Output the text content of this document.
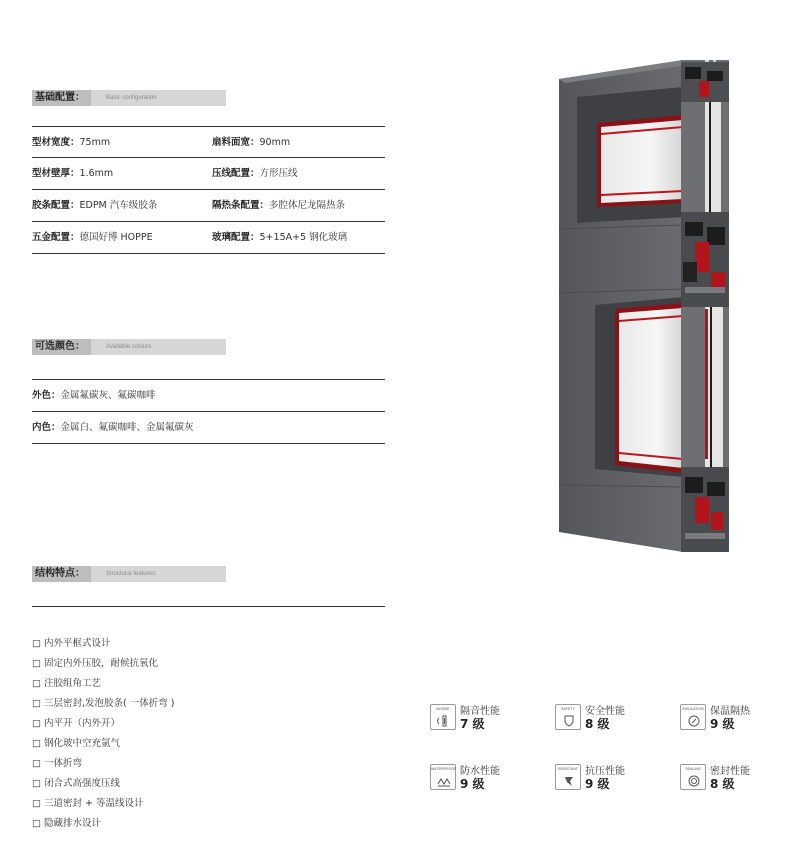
基础配置：	Basic configuration
型材宽度：75mm	扇料面宽：90mm
型材壁厚：1.6mm	压线配置：方形压线
胶条配置：EDPM 汽车级胶条	隔热条配置：多腔体尼龙隔热条
五金配置：德国好博 HOPPE	玻璃配置：5+15A+5 钢化玻璃
可选颜色：	Available colours
外色：金属氟碳灰、氟碳咖啡
内色：金属白、氟碳咖啡、金属氟碳灰
结构特点：	Structural features:
□ 内外平框式设计
□ 固定内外压胶，耐候抗氧化
□ 注胶组角工艺
□ 三层密封,发泡胶条( 一体折弯 )
□ 内平开（内外开）
□ 钢化玻中空充氩气
□ 一体折弯
□ 闭合式高强度压线
□ 三道密封 + 等温线设计
□ 隐藏排水设计
NOSISE	隔音性能
7 级
SAFETY	安全性能
8 级
INSULATION 保温隔热
9 级
WATERPROOF 防水性能
9 级
RESISTANT 抗压性能
9 级
SEALING 密封性能
8 级
